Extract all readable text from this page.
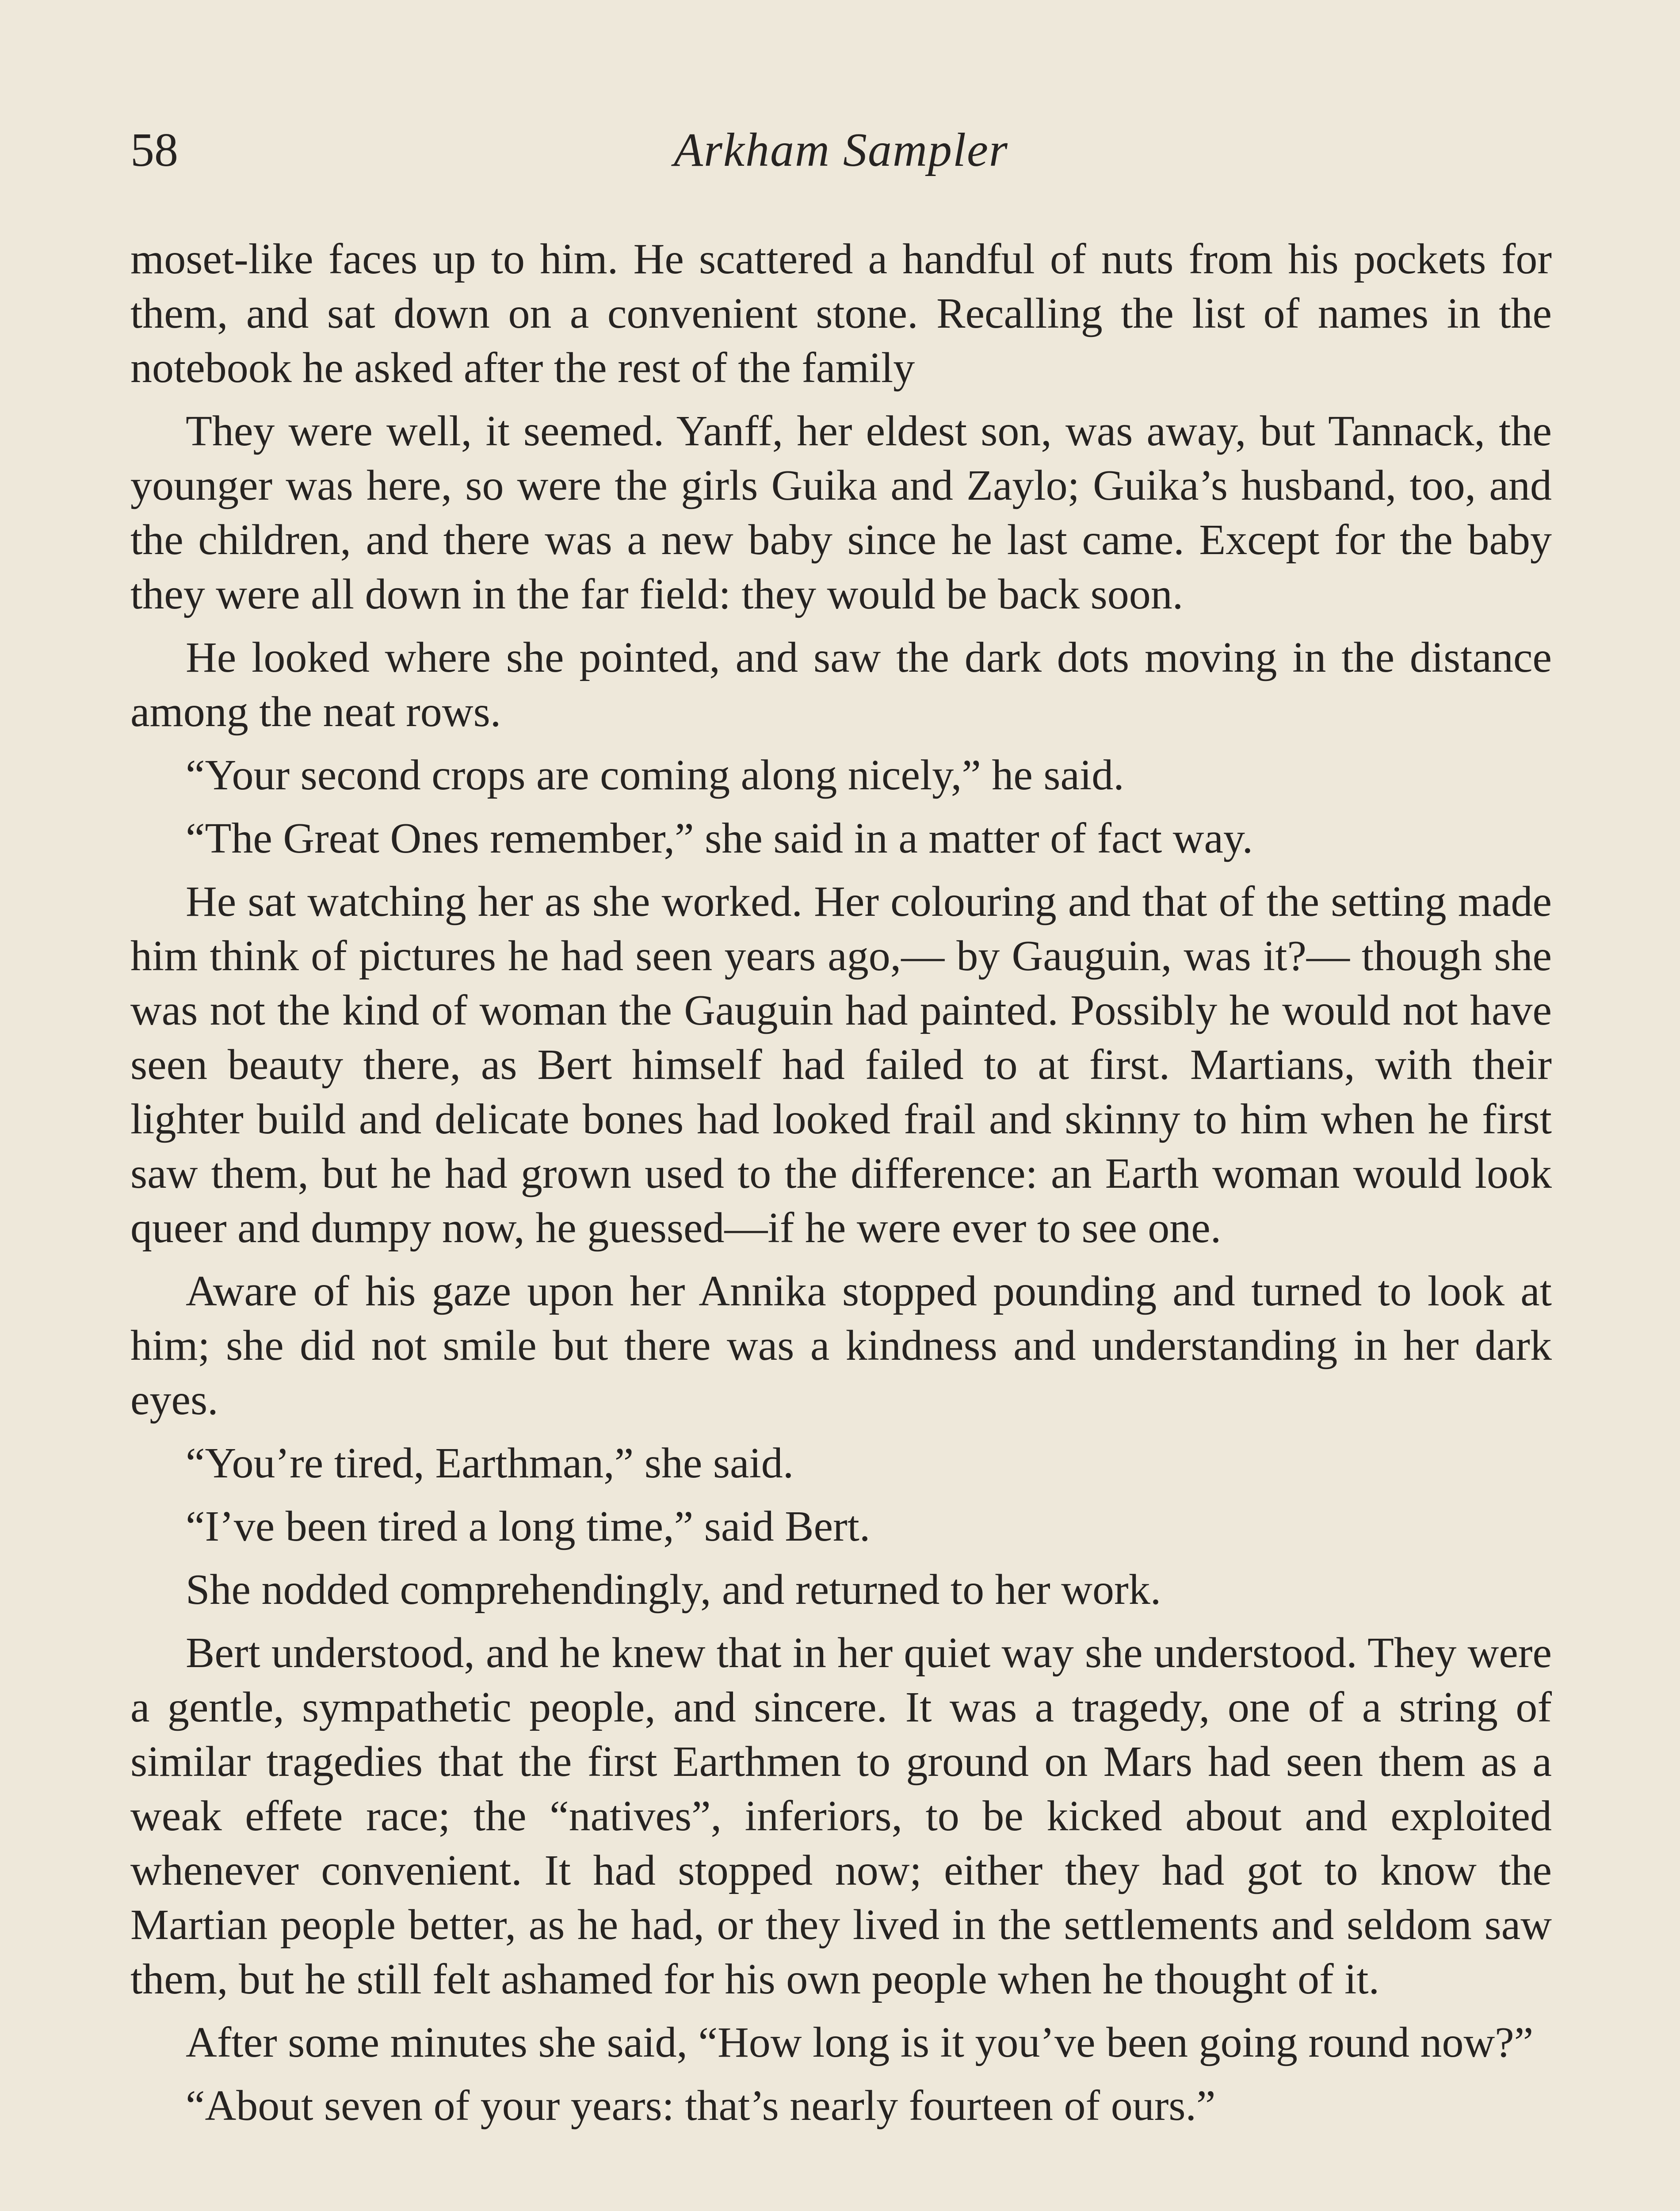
58	Arkham Sampler

moset-like faces up to him. He scattered a handful of nuts from his pockets for them, and sat down on a convenient stone. Recalling the list of names in the notebook he asked after the rest of the family

They were well, it seemed. Yanff, her eldest son, was away, but Tannack, the younger was here, so were the girls Guika and Zaylo; Guika’s husband, too, and the children, and there was a new baby since he last came. Except for the baby they were all down in the far field: they would be back soon.

He looked where she pointed, and saw the dark dots moving in the distance among the neat rows.

“Your second crops are coming along nicely,” he said.

“The Great Ones remember,” she said in a matter of fact way.

He sat watching her as she worked. Her colouring and that of the setting made him think of pictures he had seen years ago,— by Gauguin, was it?— though she was not the kind of woman the Gauguin had painted. Possibly he would not have seen beauty there, as Bert himself had failed to at first. Martians, with their lighter build and delicate bones had looked frail and skinny to him when he first saw them, but he had grown used to the difference: an Earth woman would look queer and dumpy now, he guessed—if he were ever to see one.

Aware of his gaze upon her Annika stopped pounding and turned to look at him; she did not smile but there was a kindness and understanding in her dark eyes.

“You’re tired, Earthman,” she said.

“I’ve been tired a long time,” said Bert.

She nodded comprehendingly, and returned to her work.

Bert understood, and he knew that in her quiet way she understood. They were a gentle, sympathetic people, and sincere. It was a tragedy, one of a string of similar tragedies that the first Earthmen to ground on Mars had seen them as a weak effete race; the “natives”, inferiors, to be kicked about and exploited whenever convenient. It had stopped now; either they had got to know the Martian people better, as he had, or they lived in the settlements and seldom saw them, but he still felt ashamed for his own people when he thought of it.

After some minutes she said, “How long is it you’ve been going round now?”

“About seven of your years: that’s nearly fourteen of ours.”
